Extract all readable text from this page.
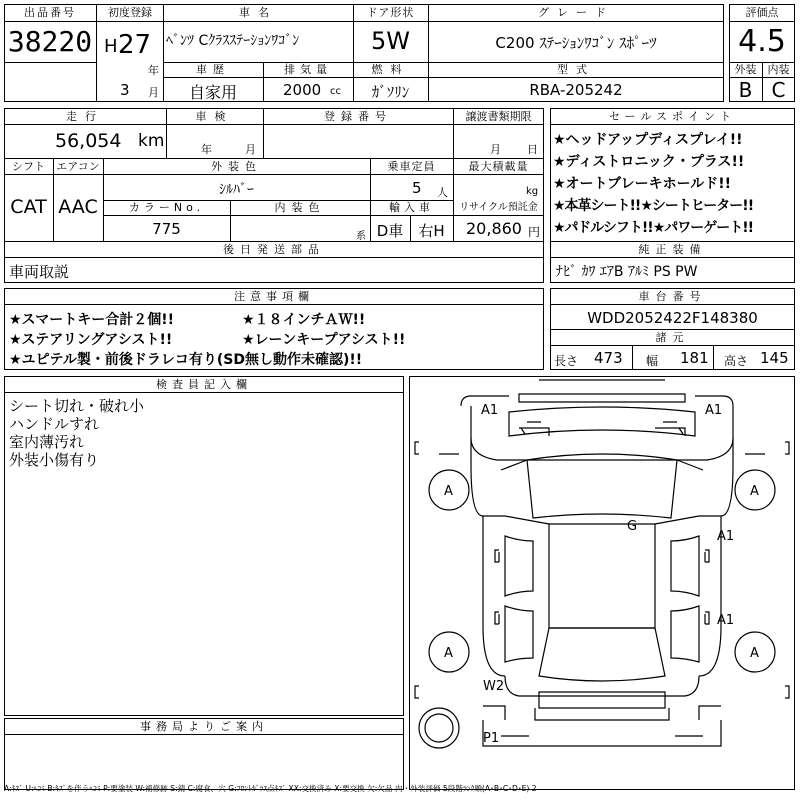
出品番号
38220
初度登録
H 27
年
3 月
車名
ﾍﾞﾝﾂ Cｸﾗｽｽﾃｰｼｮﾝﾜｺﾞﾝ
ドア形状
5W
グレード
C200 ｽﾃｰｼｮﾝﾜｺﾞﾝ ｽﾎﾟｰﾂ
車歴
自家用
排気量
2000 cc
燃料
ｶﾞｿﾘﾝ
型式
RBA-205242
評価点
4.5
外装	内装
B C
走行
56,054 km
車検
年	月
登録番号	譲渡書類期限
月 日
シフト
CAT
エアコン
AAC
外装色
ｼﾙﾊﾞｰ
乗車定員
5 人
最大積載量
kg
カラーNo.
775
内装色
系
輸入車
D車	右H
リサイクル預託金
20,860 円
後日発送部品
車両取説
セールスポイント
★ヘッドアップディスプレイ!!
★ディストロニック・プラス!!
★オートブレーキホールド!!
★本革シート!!★シートヒーター!!
★パドルシフト!!★パワーゲート!!
純正装備
ﾅﾋﾞ ｶﾜ ｴｱB ｱﾙﾐ PS PW
注意事項欄
★スマートキー合計２個!!	★１８インチＡＷ!!
★ステアリングアシスト!!	★レーンキープアシスト!!
★ユピテル製・前後ドラレコ有り(SD無し動作未確認)!!
車台番号
WDD2052422F148380
諸元
長さ 473 幅 181 高さ 145
検査員記入欄
シート切れ・破れ小
ハンドルすれ
室内薄汚れ
外装小傷有り
事務局よりご案内
A1	A1
A	A
G
A1
A1
A	A
W2
P1
A:ｷｽﾞ U:ﾍｺﾐ B:ｷｽﾞを伴うﾍｺﾐ P:要塗装 W:補修跡 S:錆 C:腐食、穴 G:ﾌﾛﾝﾄｶﾞﾗｽ点ｷｽﾞ XX:交換済み X:要交換 欠:欠品 内・外装評価 5段階ﾗﾝｸ順(A･B･C･D･E) 2
